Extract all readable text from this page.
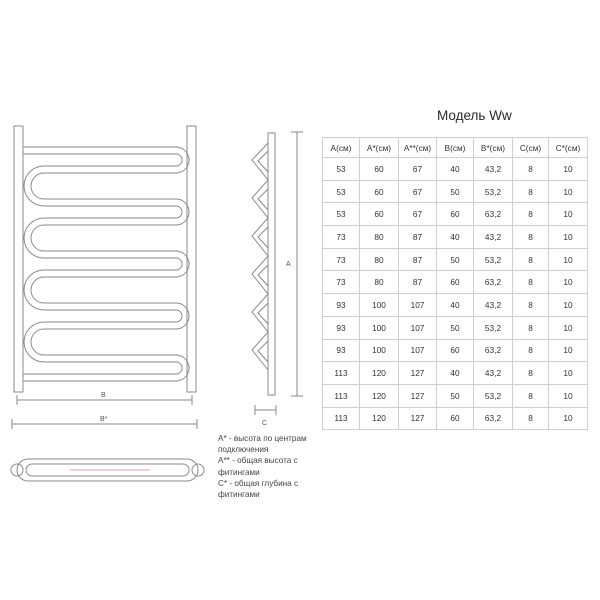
B
B*
A
C
Модель Ww
A(см)	A*(см)	A**(см)	B(см)	B*(см)	C(см)	C*(см)
53	60	67	40	43,2	8	10
53	60	67	50	53,2	8	10
53	60	67	60	63,2	8	10
73	80	87	40	43,2	8	10
73	80	87	50	53,2	8	10
73	80	87	60	63,2	8	10
93	100	107	40	43,2	8	10
93	100	107	50	53,2	8	10
93	100	107	60	63,2	8	10
113	120	127	40	43,2	8	10
113	120	127	50	53,2	8	10
113	120	127	60	63,2	8	10
A* - высота по центрам
подключения
A** - общая высота с
фитингами
C* - общая глубина с
фитингами
